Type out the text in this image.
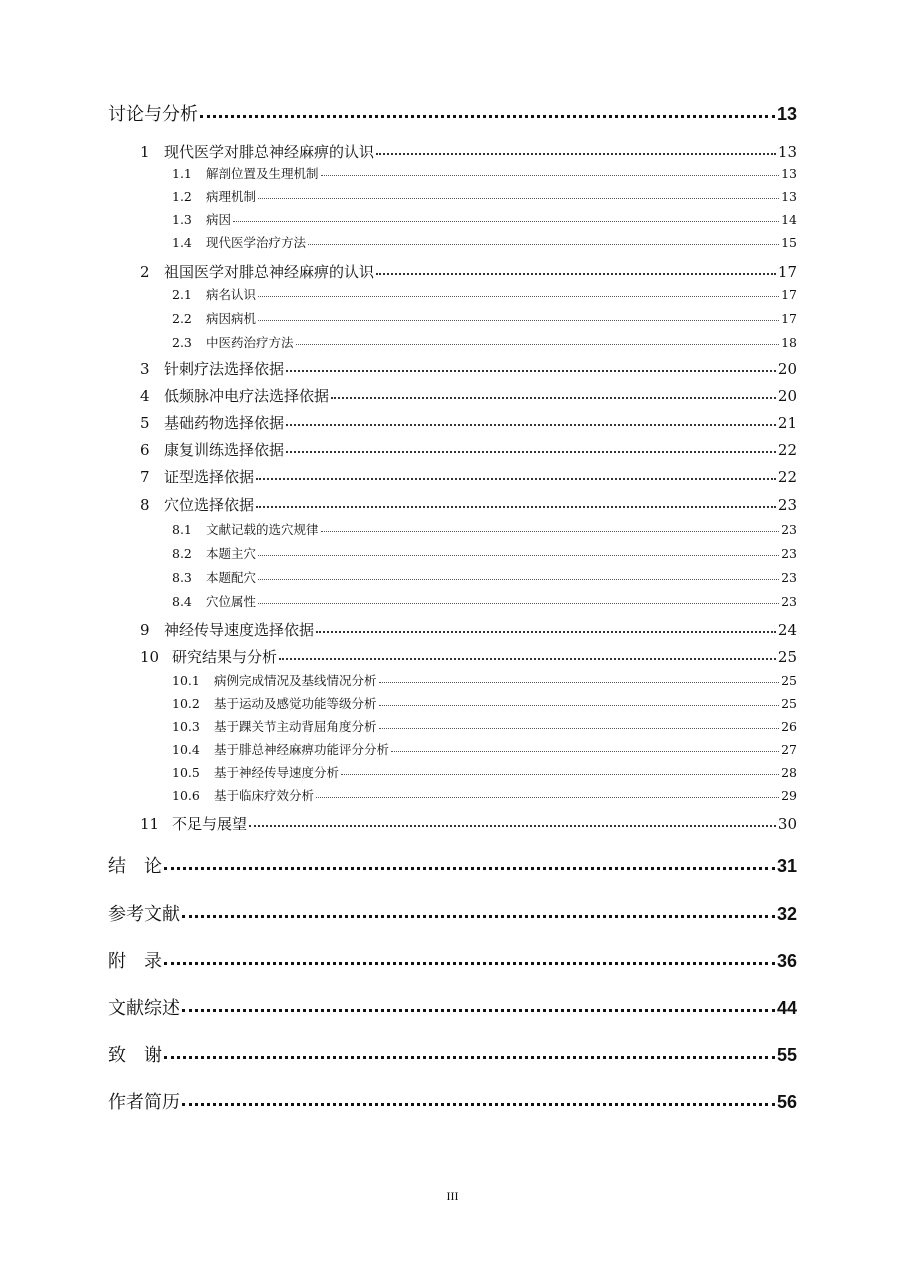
讨论与分析	13
1 现代医学对腓总神经麻痹的认识	13
1.1 解剖位置及生理机制	13
1.2 病理机制	13
1.3 病因	14
1.4 现代医学治疗方法	15
2 祖国医学对腓总神经麻痹的认识	17
2.1 病名认识	17
2.2 病因病机	17
2.3 中医药治疗方法	18
3 针刺疗法选择依据	20
4 低频脉冲电疗法选择依据	20
5 基础药物选择依据	21
6 康复训练选择依据	22
7 证型选择依据	22
8 穴位选择依据	23
8.1 文献记载的选穴规律	23
8.2 本题主穴	23
8.3 本题配穴	23
8.4 穴位属性	23
9 神经传导速度选择依据	24
10 研究结果与分析	25
10.1 病例完成情况及基线情况分析	25
10.2 基于运动及感觉功能等级分析	25
10.3 基于踝关节主动背屈角度分析	26
10.4 基于腓总神经麻痹功能评分分析	27
10.5 基于神经传导速度分析	28
10.6 基于临床疗效分析	29
11 不足与展望	30
结　论	31
参考文献	32
附　录	36
文献综述	44
致　谢	55
作者简历	56
III
